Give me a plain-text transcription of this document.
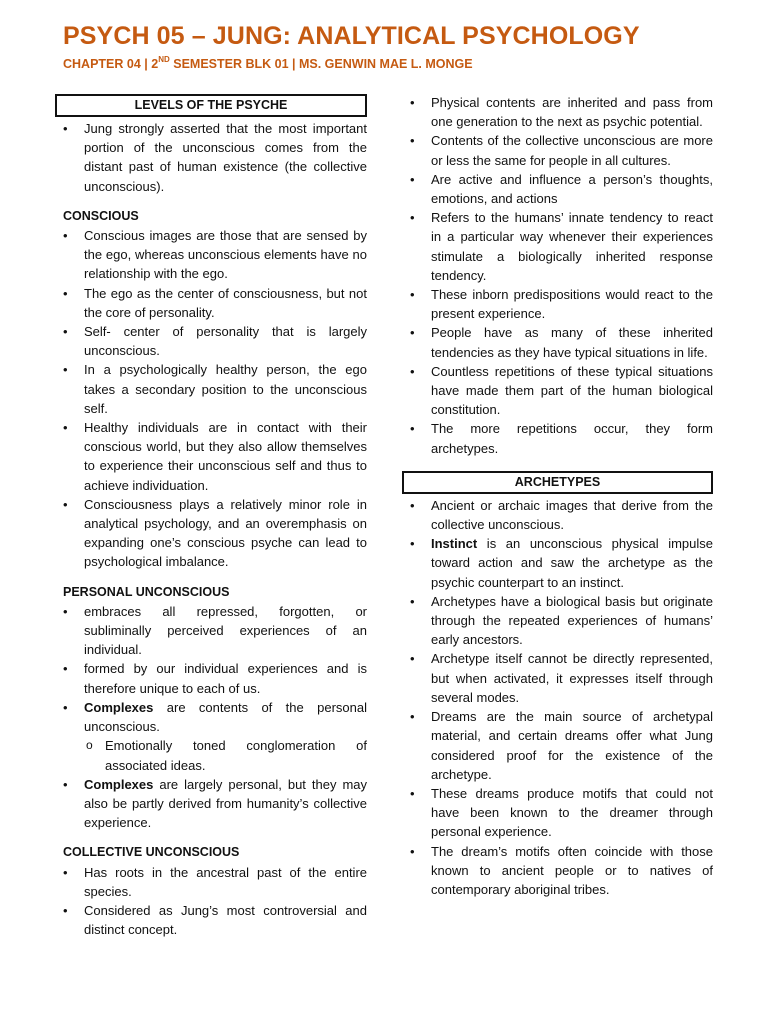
PSYCH 05 – JUNG: ANALYTICAL PSYCHOLOGY
CHAPTER 04 | 2ND SEMESTER BLK 01 | MS. GENWIN MAE L. MONGE
LEVELS OF THE PSYCHE
• Jung strongly asserted that the most important portion of the unconscious comes from the distant past of human existence (the collective unconscious).
CONSCIOUS
• Conscious images are those that are sensed by the ego, whereas unconscious elements have no relationship with the ego.
• The ego as the center of consciousness, but not the core of personality.
• Self- center of personality that is largely unconscious.
• In a psychologically healthy person, the ego takes a secondary position to the unconscious self.
• Healthy individuals are in contact with their conscious world, but they also allow themselves to experience their unconscious self and thus to achieve individuation.
• Consciousness plays a relatively minor role in analytical psychology, and an overemphasis on expanding one’s conscious psyche can lead to psychological imbalance.
PERSONAL UNCONSCIOUS
• embraces all repressed, forgotten, or subliminally perceived experiences of an individual.
• formed by our individual experiences and is therefore unique to each of us.
• Complexes are contents of the personal unconscious.
o Emotionally toned conglomeration of associated ideas.
• Complexes are largely personal, but they may also be partly derived from humanity’s collective experience.
COLLECTIVE UNCONSCIOUS
• Has roots in the ancestral past of the entire species.
• Considered as Jung’s most controversial and distinct concept.
• Physical contents are inherited and pass from one generation to the next as psychic potential.
• Contents of the collective unconscious are more or less the same for people in all cultures.
• Are active and influence a person’s thoughts, emotions, and actions
• Refers to the humans’ innate tendency to react in a particular way whenever their experiences stimulate a biologically inherited response tendency.
• These inborn predispositions would react to the present experience.
• People have as many of these inherited tendencies as they have typical situations in life.
• Countless repetitions of these typical situations have made them part of the human biological constitution.
• The more repetitions occur, they form archetypes.
ARCHETYPES
• Ancient or archaic images that derive from the collective unconscious.
• Instinct is an unconscious physical impulse toward action and saw the archetype as the psychic counterpart to an instinct.
• Archetypes have a biological basis but originate through the repeated experiences of humans’ early ancestors.
• Archetype itself cannot be directly represented, but when activated, it expresses itself through several modes.
• Dreams are the main source of archetypal material, and certain dreams offer what Jung considered proof for the existence of the archetype.
• These dreams produce motifs that could not have been known to the dreamer through personal experience.
• The dream’s motifs often coincide with those known to ancient people or to natives of contemporary aboriginal tribes.
